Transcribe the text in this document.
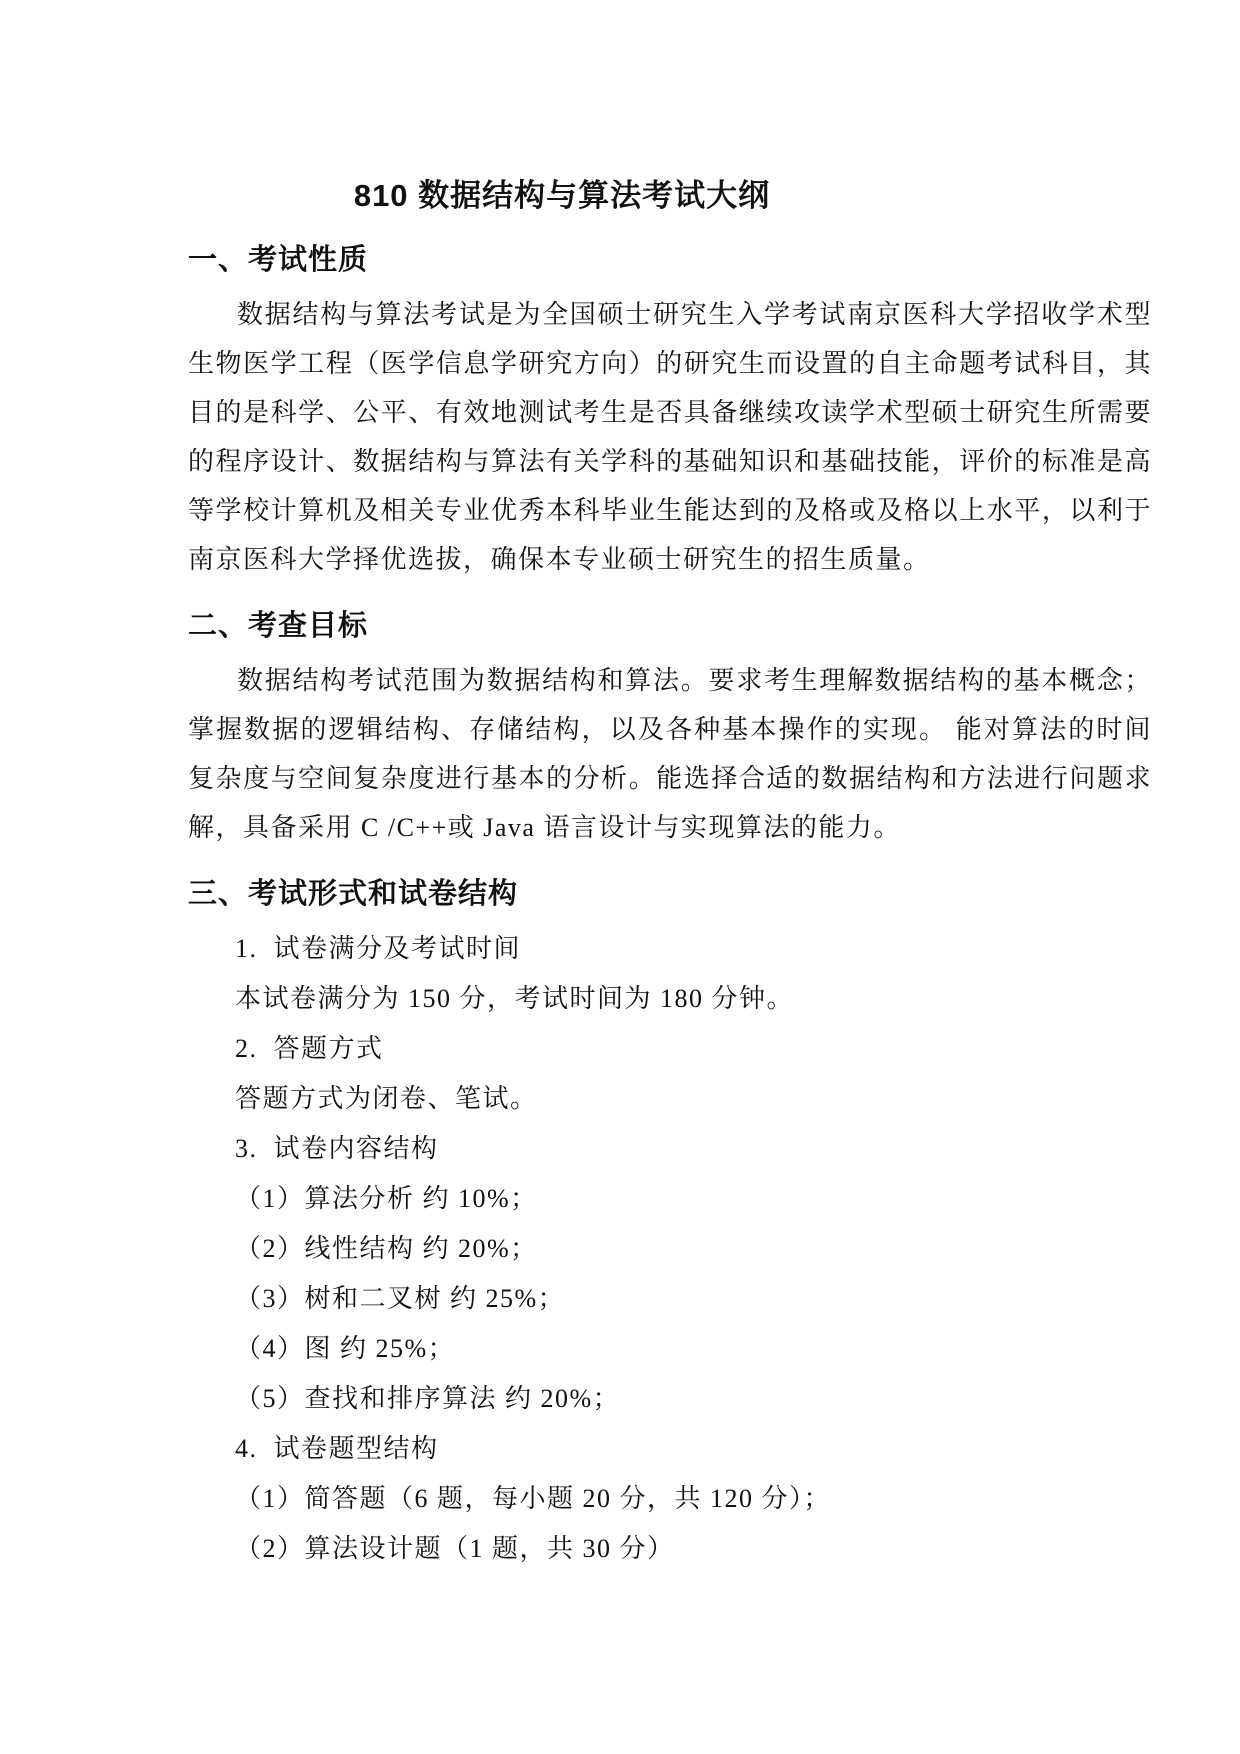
810 数据结构与算法考试大纲
一、考试性质

数据结构与算法考试是为全国硕士研究生入学考试南京医科大学招收学术型生物医学工程（医学信息学研究方向）的研究生而设置的自主命题考试科目，其目的是科学、公平、有效地测试考生是否具备继续攻读学术型硕士研究生所需要的程序设计、数据结构与算法有关学科的基础知识和基础技能，评价的标准是高等学校计算机及相关专业优秀本科毕业生能达到的及格或及格以上水平，以利于南京医科大学择优选拔，确保本专业硕士研究生的招生质量。

二、考查目标

数据结构考试范围为数据结构和算法。要求考生理解数据结构的基本概念；掌握数据的逻辑结构、存储结构，以及各种基本操作的实现。 能对算法的时间复杂度与空间复杂度进行基本的分析。能选择合适的数据结构和方法进行问题求解，具备采用 C /C++或 Java 语言设计与实现算法的能力。

三、考试形式和试卷结构

1.  试卷满分及考试时间

本试卷满分为 150 分，考试时间为 180 分钟。

2.  答题方式

答题方式为闭卷、笔试。

3.  试卷内容结构

（1）算法分析 约 10%；

（2）线性结构 约 20%；

（3）树和二叉树 约 25%；

（4）图 约 25%；

（5）查找和排序算法 约 20%；

4.  试卷题型结构

（1）简答题（6 题，每小题 20 分，共 120 分）；

（2）算法设计题（1 题，共 30 分）
